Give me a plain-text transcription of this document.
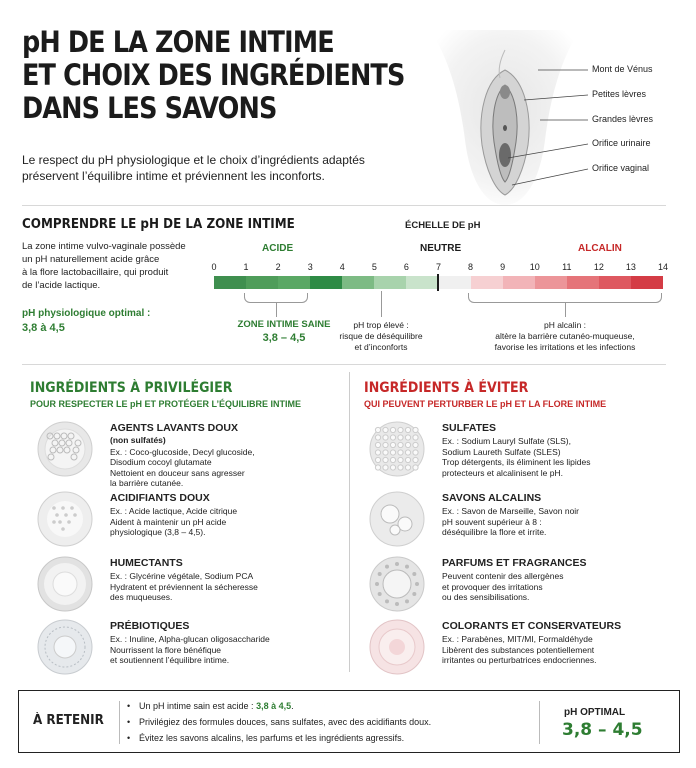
pH DE LA ZONE INTIME
ET CHOIX DES INGRÉDIENTS
DANS LES SAVONS
Le respect du pH physiologique et le choix d’ingrédients adaptés
préservent l’équilibre intime et préviennent les inconforts.
Mont de Vénus
Petites lèvres
Grandes lèvres
Orifice urinaire
Orifice vaginal
COMPRENDRE LE pH DE LA ZONE INTIME
La zone intime vulvo-vaginale possède
un pH naturellement acide grâce
à la flore lactobacillaire, qui produit
de l’acide lactique.
pH physiologique optimal :
3,8 à 4,5
ÉCHELLE DE pH
ACIDE	NEUTRE	ALCALIN
0	1	2	3	4	5	6	7	8	9	10	11	12	13	14
ZONE INTIME SAINE
3,8 – 4,5
pH trop élevé :
risque de déséquilibre
et d’inconforts
pH alcalin :
altère la barrière cutanéo-muqueuse,
favorise les irritations et les infections
INGRÉDIENTS À PRIVILÉGIER
POUR RESPECTER LE pH ET PROTÉGER L’ÉQUILIBRE INTIME
INGRÉDIENTS À ÉVITER
QUI PEUVENT PERTURBER LE pH ET LA FLORE INTIME
AGENTS LAVANTS DOUX
(non sulfatés)
Ex. : Coco-glucoside, Decyl glucoside,
Disodium cocoyl glutamate
Nettoient en douceur sans agresser
la barrière cutanée.
ACIDIFIANTS DOUX
Ex. : Acide lactique, Acide citrique
Aident à maintenir un pH acide
physiologique (3,8 – 4,5).
HUMECTANTS
Ex. : Glycérine végétale, Sodium PCA
Hydratent et préviennent la sécheresse
des muqueuses.
PRÉBIOTIQUES
Ex. : Inuline, Alpha-glucan oligosaccharide
Nourrissent la flore bénéfique
et soutiennent l’équilibre intime.
SULFATES
Ex. : Sodium Lauryl Sulfate (SLS),
Sodium Laureth Sulfate (SLES)
Trop détergents, ils éliminent les lipides
protecteurs et alcalinisent le pH.
SAVONS ALCALINS
Ex. : Savon de Marseille, Savon noir
pH souvent supérieur à 8 :
déséquilibre la flore et irrite.
PARFUMS ET FRAGRANCES
Peuvent contenir des allergènes
et provoquer des irritations
ou des sensibilisations.
COLORANTS ET CONSERVATEURS
Ex. : Parabènes, MIT/MI, Formaldéhyde
Libèrent des substances potentiellement
irritantes ou perturbatrices endocriennes.
À RETENIR
• Un pH intime sain est acide : 3,8 à 4,5.
• Privilégiez des formules douces, sans sulfates, avec des acidifiants doux.
• Évitez les savons alcalins, les parfums et les ingrédients agressifs.
pH OPTIMAL
3,8 – 4,5
